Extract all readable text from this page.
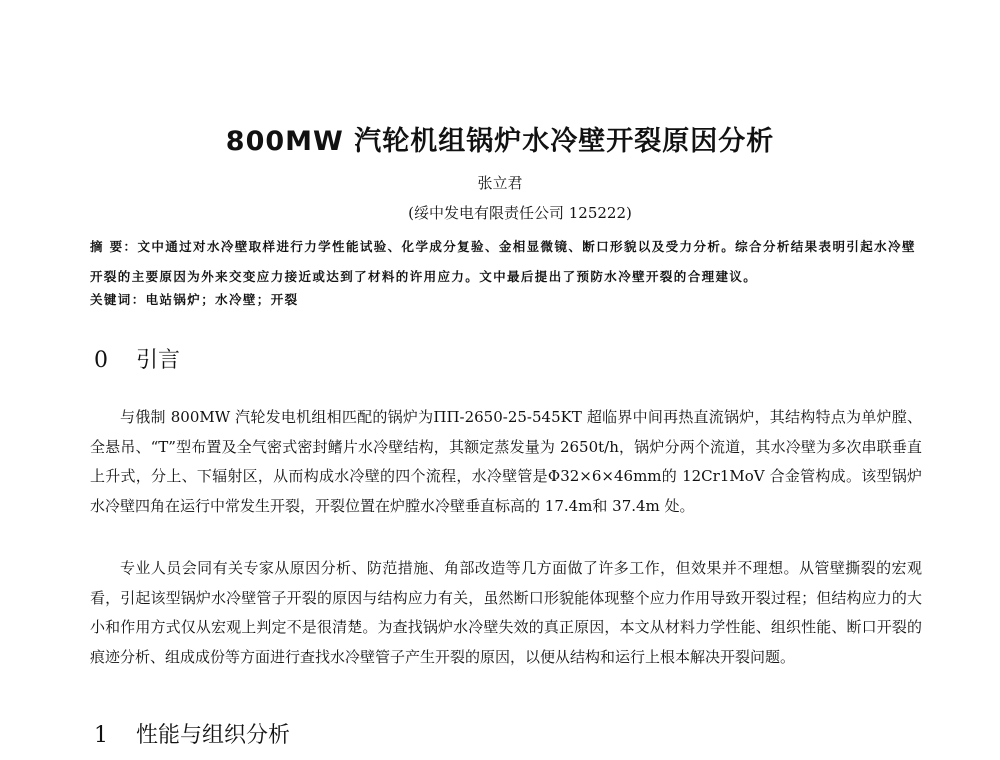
800MW 汽轮机组锅炉水冷壁开裂原因分析
张立君
(绥中发电有限责任公司 125222)

摘 要：文中通过对水冷壁取样进行力学性能试验、化学成分复验、金相显微镜、断口形貌以及受力分析。综合分析结果表明引起水冷壁开裂的主要原因为外来交变应力接近或达到了材料的许用应力。文中最后提出了预防水冷壁开裂的合理建议。

关键词：电站锅炉；水冷壁；开裂
0 引言

与俄制 800MW 汽轮发电机组相匹配的锅炉为ΠΠ-2650-25-545KT 超临界中间再热直流锅炉，其结构特点为单炉膛、全悬吊、“T”型布置及全气密式密封鳍片水冷壁结构，其额定蒸发量为 2650t/h，锅炉分两个流道，其水冷壁为多次串联垂直上升式，分上、下辐射区，从而构成水冷壁的四个流程，水冷壁管是Φ32×6×46mm的 12Cr1MoV 合金管构成。该型锅炉水冷壁四角在运行中常发生开裂，开裂位置在炉膛水冷壁垂直标高的 17.4m和 37.4m 处。

专业人员会同有关专家从原因分析、防范措施、角部改造等几方面做了许多工作，但效果并不理想。从管壁撕裂的宏观看，引起该型锅炉水冷壁管子开裂的原因与结构应力有关，虽然断口形貌能体现整个应力作用导致开裂过程；但结构应力的大小和作用方式仅从宏观上判定不是很清楚。为查找锅炉水冷壁失效的真正原因，本文从材料力学性能、组织性能、断口开裂的痕迹分析、组成成份等方面进行查找水冷壁管子产生开裂的原因，以便从结构和运行上根本解决开裂问题。

1 性能与组织分析
